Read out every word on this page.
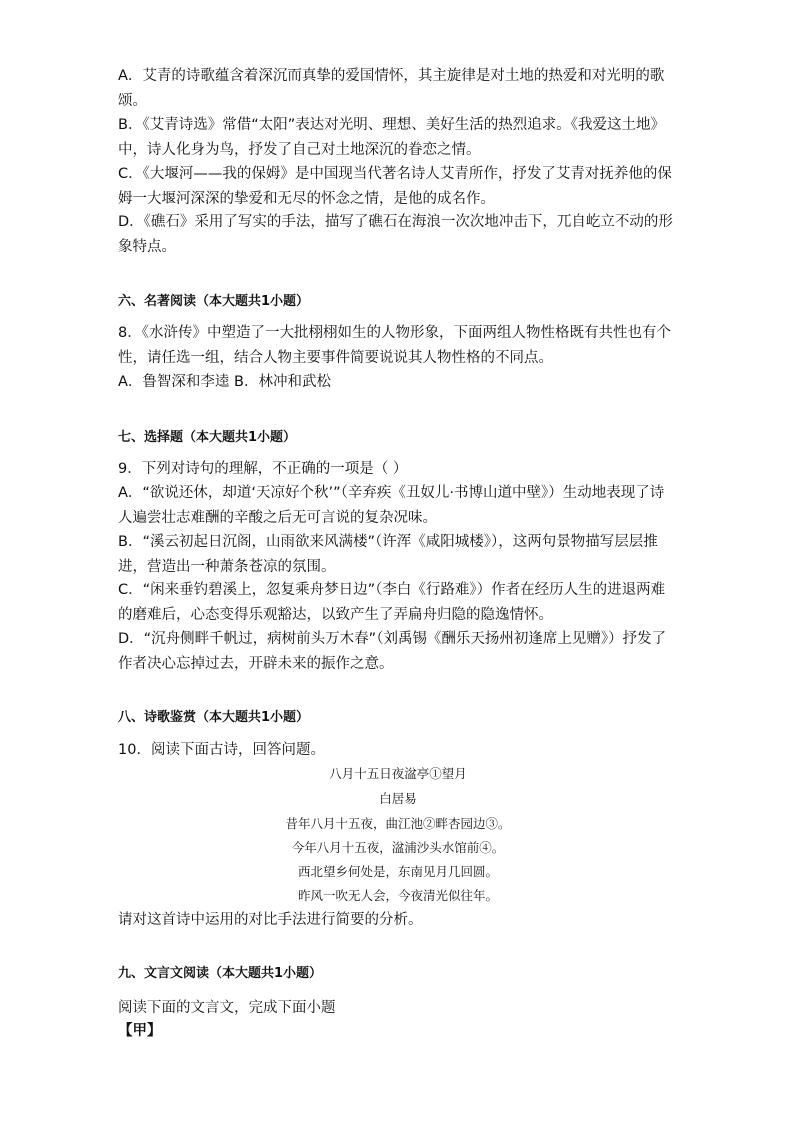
A．艾青的诗歌蕴含着深沉而真挚的爱国情怀，其主旋律是对土地的热爱和对光明的歌颂。

B．《艾青诗选》常借“太阳”表达对光明、理想、美好生活的热烈追求。《我爱这土地》中，诗人化身为鸟，抒发了自己对土地深沉的眷恋之情。

C．《大堰河——我的保姆》是中国现当代著名诗人艾青所作，抒发了艾青对抚养他的保姆一大堰河深深的挚爱和无尽的怀念之情，是他的成名作。

D．《礁石》采用了写实的手法，描写了礁石在海浪一次次地冲击下，兀自屹立不动的形象特点。

六、名著阅读（本大题共1小题）

8．《水浒传》中塑造了一大批栩栩如生的人物形象，下面两组人物性格既有共性也有个性，请任选一组，结合人物主要事件简要说说其人物性格的不同点。

A．鲁智深和李逵 B．林冲和武松

七、选择题（本大题共1小题）

9．下列对诗句的理解，不正确的一项是（ ）

A．“欲说还休，却道‘天凉好个秋’”（辛弃疾《丑奴儿·书博山道中壁》）生动地表现了诗人遍尝壮志难酬的辛酸之后无可言说的复杂况味。

B．“溪云初起日沉阁，山雨欲来风满楼”（许浑《咸阳城楼》），这两句景物描写层层推进，营造出一种萧条苍凉的氛围。

C．“闲来垂钓碧溪上，忽复乘舟梦日边”（李白《行路难》）作者在经历人生的进退两难的磨难后，心态变得乐观豁达，以致产生了弄扁舟归隐的隐逸情怀。

D．“沉舟侧畔千帆过，病树前头万木春”（刘禹锡《酬乐天扬州初逢席上见赠》）抒发了作者决心忘掉过去，开辟未来的振作之意。

八、诗歌鉴赏（本大题共1小题）

10．阅读下面古诗，回答问题。

八月十五日夜湓亭①望月

白居易

昔年八月十五夜，曲江池②畔杏园边③。

今年八月十五夜，湓浦沙头水馆前④。

西北望乡何处是，东南见月几回圆。

昨风一吹无人会，今夜清光似往年。

请对这首诗中运用的对比手法进行简要的分析。

九、文言文阅读（本大题共1小题）

阅读下面的文言文，完成下面小题

【甲】
